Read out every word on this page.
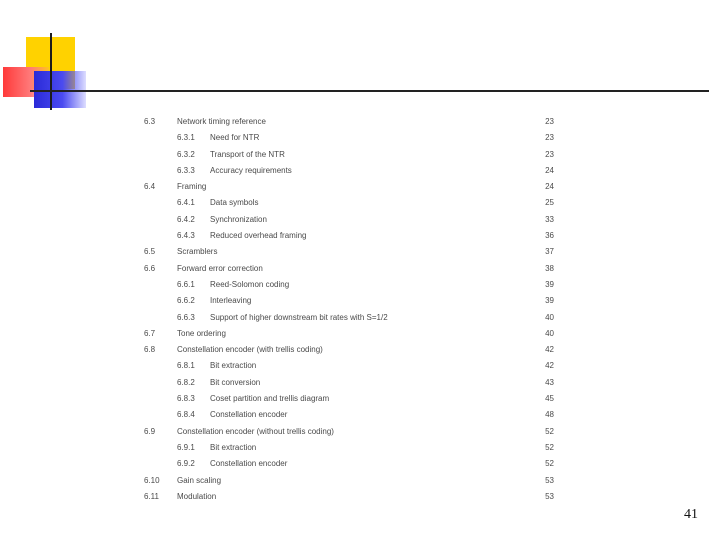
6.3	Network timing reference	23
6.3.1 Need for NTR	23
6.3.2 Transport of the NTR	23
6.3.3 Accuracy requirements	24
6.4	Framing	24
6.4.1 Data symbols	25
6.4.2 Synchronization	33
6.4.3 Reduced overhead framing	36
6.5	Scramblers	37
6.6	Forward error correction	38
6.6.1 Reed-Solomon coding	39
6.6.2 Interleaving	39
6.6.3 Support of higher downstream bit rates with S=1/2	40
6.7	Tone ordering	40
6.8	Constellation encoder (with trellis coding)	42
6.8.1 Bit extraction	42
6.8.2 Bit conversion	43
6.8.3 Coset partition and trellis diagram	45
6.8.4 Constellation encoder	48
6.9	Constellation encoder (without trellis coding)	52
6.9.1 Bit extraction	52
6.9.2 Constellation encoder	52
6.10 Gain scaling	53
6.11 Modulation	53
41
